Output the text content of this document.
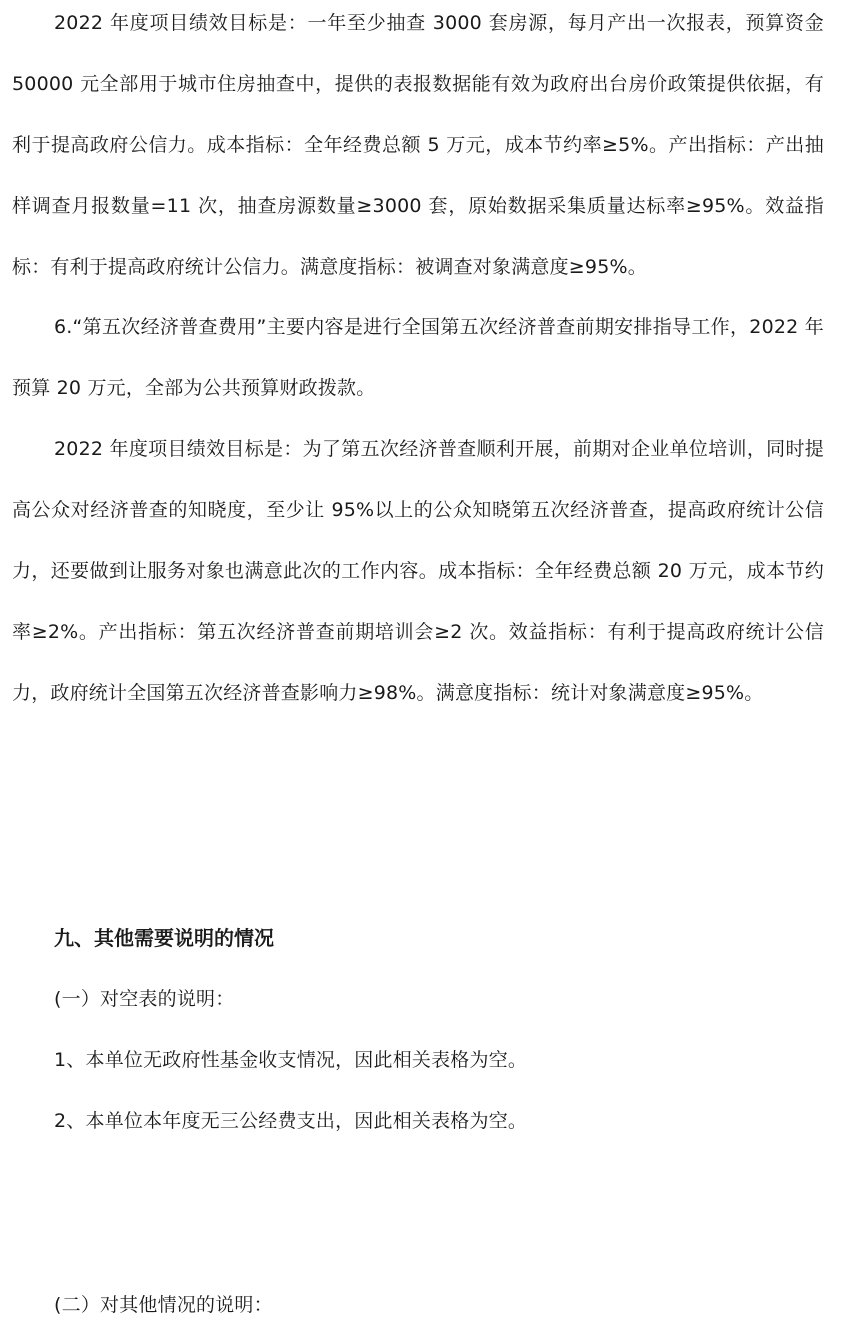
2022 年度项目绩效目标是：一年至少抽查 3000 套房源，每月产出一次报表，预算资金 50000 元全部用于城市住房抽查中，提供的表报数据能有效为政府出台房价政策提供依据，有利于提高政府公信力。成本指标：全年经费总额 5 万元，成本节约率≥5%。产出指标：产出抽样调查月报数量=11 次，抽查房源数量≥3000 套，原始数据采集质量达标率≥95%。效益指标：有利于提高政府统计公信力。满意度指标：被调查对象满意度≥95%。

6.“第五次经济普查费用”主要内容是进行全国第五次经济普查前期安排指导工作，2022 年预算 20 万元，全部为公共预算财政拨款。

2022 年度项目绩效目标是：为了第五次经济普查顺利开展，前期对企业单位培训，同时提高公众对经济普查的知晓度，至少让 95%以上的公众知晓第五次经济普查，提高政府统计公信力，还要做到让服务对象也满意此次的工作内容。成本指标：全年经费总额 20 万元，成本节约率≥2%。产出指标：第五次经济普查前期培训会≥2 次。效益指标：有利于提高政府统计公信力，政府统计全国第五次经济普查影响力≥98%。满意度指标：统计对象满意度≥95%。

九、其他需要说明的情况

(一）对空表的说明：

1、本单位无政府性基金收支情况，因此相关表格为空。

2、本单位本年度无三公经费支出，因此相关表格为空。

(二）对其他情况的说明：
